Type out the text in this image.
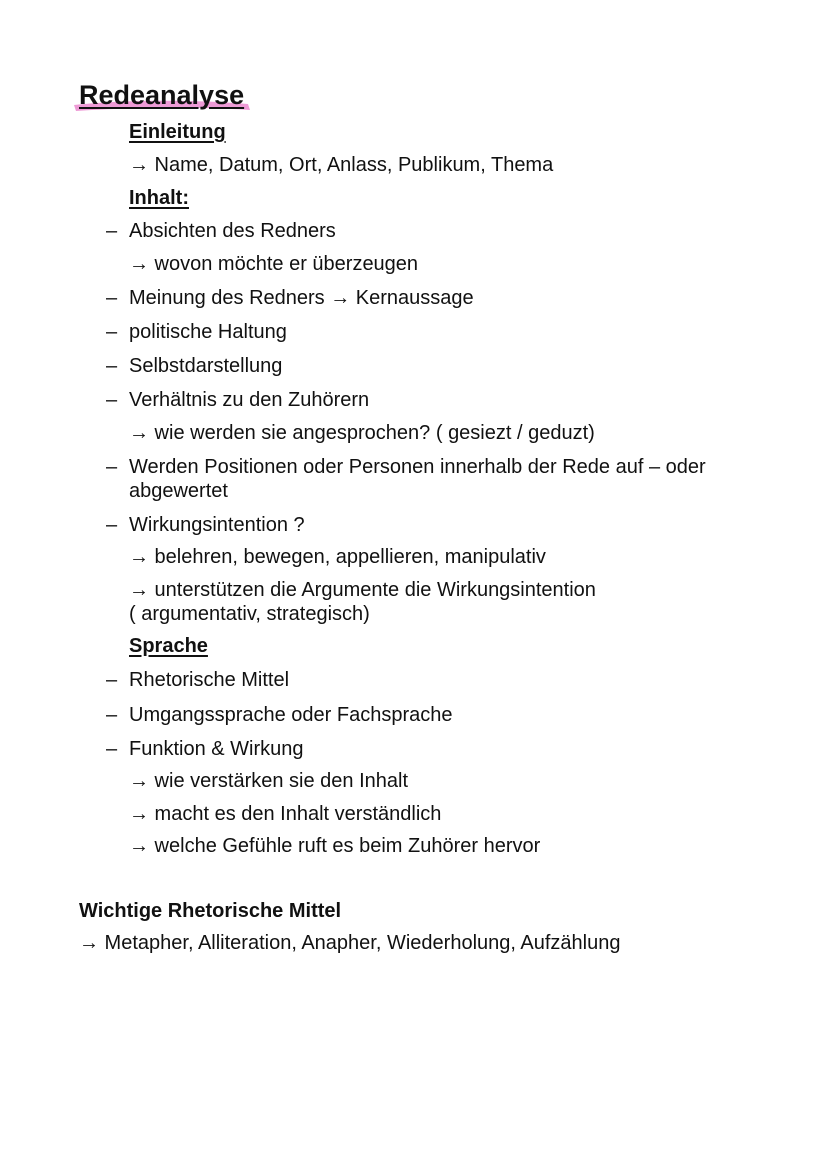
Redeanalyse
Einleitung
→ Name, Datum, Ort, Anlass, Publikum, Thema
Inhalt:
– Absichten des Redners
→ wovon möchte er überzeugen
– Meinung des Redners → Kernaussage
– politische Haltung
– Selbstdarstellung
– Verhältnis zu den Zuhörern
→ wie werden sie angesprochen? ( gesiezt / geduzt)
– Werden Positionen oder Personen innerhalb der Rede auf – oder
abgewertet
– Wirkungsintention ?
→ belehren, bewegen, appellieren, manipulativ
→ unterstützen die Argumente die Wirkungsintention
( argumentativ, strategisch)
Sprache
– Rhetorische Mittel
– Umgangssprache oder Fachsprache
– Funktion & Wirkung
→ wie verstärken sie den Inhalt
→ macht es den Inhalt verständlich
→ welche Gefühle ruft es beim Zuhörer hervor
Wichtige Rhetorische Mittel
→ Metapher, Alliteration, Anapher, Wiederholung, Aufzählung
